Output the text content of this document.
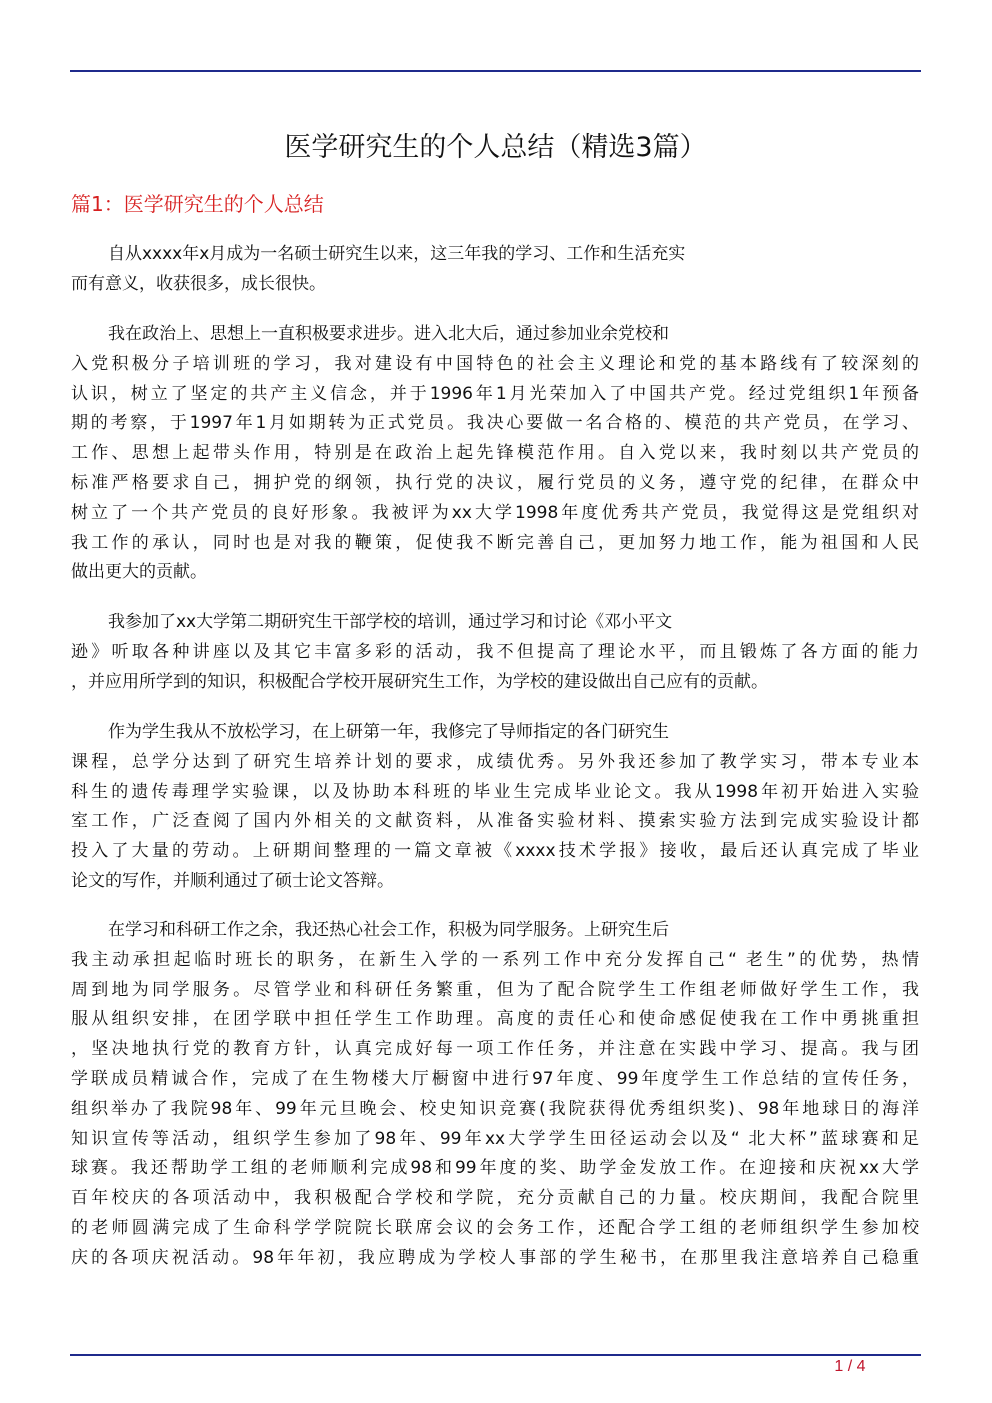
医学研究生的个人总结（精选3篇）
篇1：医学研究生的个人总结
自从xxxx年x月成为一名硕士研究生以来，这三年我的学习、工作和生活充实
而有意义，收获很多，成长很快。
我在政治上、思想上一直积极要求进步。进入北大后，通过参加业余党校和
入党积极分子培训班的学习，我对建设有中国特色的社会主义理论和党的基本路线有了较深刻的
认识，树立了坚定的共产主义信念，并于1996年1月光荣加入了中国共产党。经过党组织1年预备
期的考察，于1997年1月如期转为正式党员。我决心要做一名合格的、模范的共产党员，在学习、
工作、思想上起带头作用，特别是在政治上起先锋模范作用。自入党以来，我时刻以共产党员的
标准严格要求自己，拥护党的纲领，执行党的决议，履行党员的义务，遵守党的纪律，在群众中
树立了一个共产党员的良好形象。我被评为xx大学1998年度优秀共产党员，我觉得这是党组织对
我工作的承认，同时也是对我的鞭策，促使我不断完善自己，更加努力地工作，能为祖国和人民
做出更大的贡献。
我参加了xx大学第二期研究生干部学校的培训，通过学习和讨论《邓小平文
逊》听取各种讲座以及其它丰富多彩的活动，我不但提高了理论水平，而且锻炼了各方面的能力
，并应用所学到的知识，积极配合学校开展研究生工作，为学校的建设做出自己应有的贡献。
作为学生我从不放松学习，在上研第一年，我修完了导师指定的各门研究生
课程，总学分达到了研究生培养计划的要求，成绩优秀。另外我还参加了教学实习，带本专业本
科生的遗传毒理学实验课，以及协助本科班的毕业生完成毕业论文。我从1998年初开始进入实验
室工作，广泛查阅了国内外相关的文献资料，从准备实验材料、摸索实验方法到完成实验设计都
投入了大量的劳动。上研期间整理的一篇文章被《xxxx技术学报》接收，最后还认真完成了毕业
论文的写作，并顺利通过了硕士论文答辩。
在学习和科研工作之余，我还热心社会工作，积极为同学服务。上研究生后
我主动承担起临时班长的职务，在新生入学的一系列工作中充分发挥自己“ 老生”的优势，热情
周到地为同学服务。尽管学业和科研任务繁重，但为了配合院学生工作组老师做好学生工作，我
服从组织安排，在团学联中担任学生工作助理。高度的责任心和使命感促使我在工作中勇挑重担
，坚决地执行党的教育方针，认真完成好每一项工作任务，并注意在实践中学习、提高。我与团
学联成员精诚合作，完成了在生物楼大厅橱窗中进行97年度、99年度学生工作总结的宣传任务，
组织举办了我院98年、99年元旦晚会、校史知识竞赛(我院获得优秀组织奖)、98年地球日的海洋
知识宣传等活动，组织学生参加了98年、99年xx大学学生田径运动会以及“ 北大杯”蓝球赛和足
球赛。我还帮助学工组的老师顺利完成98和99年度的奖、助学金发放工作。在迎接和庆祝xx大学
百年校庆的各项活动中，我积极配合学校和学院，充分贡献自己的力量。校庆期间，我配合院里
的老师圆满完成了生命科学学院院长联席会议的会务工作，还配合学工组的老师组织学生参加校
庆的各项庆祝活动。98年年初，我应聘成为学校人事部的学生秘书，在那里我注意培养自己稳重
1 / 4
